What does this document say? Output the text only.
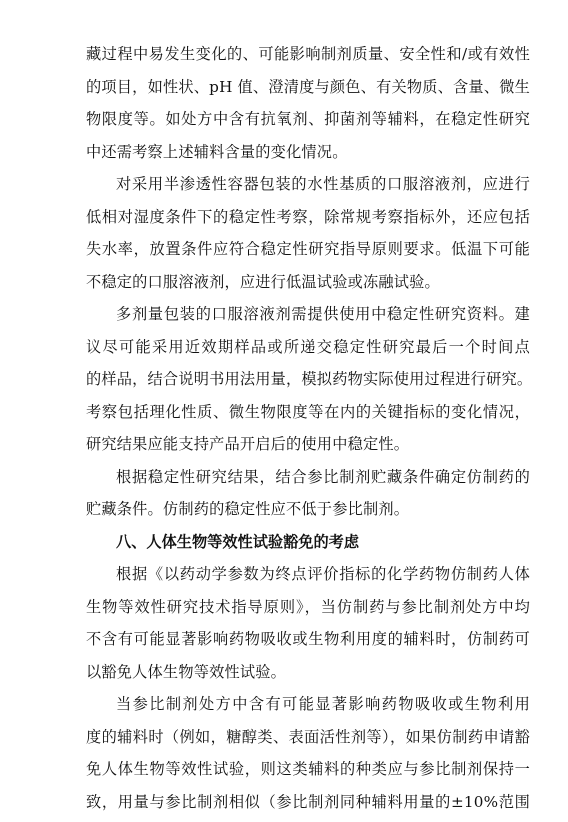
藏过程中易发生变化的、可能影响制剂质量、安全性和/或有效性
的项目，如性状、pH 值、澄清度与颜色、有关物质、含量、微生
物限度等。如处方中含有抗氧剂、抑菌剂等辅料，在稳定性研究
中还需考察上述辅料含量的变化情况。
对采用半渗透性容器包装的水性基质的口服溶液剂，应进行
低相对湿度条件下的稳定性考察，除常规考察指标外，还应包括
失水率，放置条件应符合稳定性研究指导原则要求。低温下可能
不稳定的口服溶液剂，应进行低温试验或冻融试验。
多剂量包装的口服溶液剂需提供使用中稳定性研究资料。建
议尽可能采用近效期样品或所递交稳定性研究最后一个时间点
的样品，结合说明书用法用量，模拟药物实际使用过程进行研究。
考察包括理化性质、微生物限度等在内的关键指标的变化情况，
研究结果应能支持产品开启后的使用中稳定性。
根据稳定性研究结果，结合参比制剂贮藏条件确定仿制药的
贮藏条件。仿制药的稳定性应不低于参比制剂。
八、人体生物等效性试验豁免的考虑
根据《以药动学参数为终点评价指标的化学药物仿制药人体
生物等效性研究技术指导原则》，当仿制药与参比制剂处方中均
不含有可能显著影响药物吸收或生物利用度的辅料时，仿制药可
以豁免人体生物等效性试验。
当参比制剂处方中含有可能显著影响药物吸收或生物利用
度的辅料时（例如，糖醇类、表面活性剂等），如果仿制药申请豁
免人体生物等效性试验，则这类辅料的种类应与参比制剂保持一
致，用量与参比制剂相似（参比制剂同种辅料用量的±10%范围
